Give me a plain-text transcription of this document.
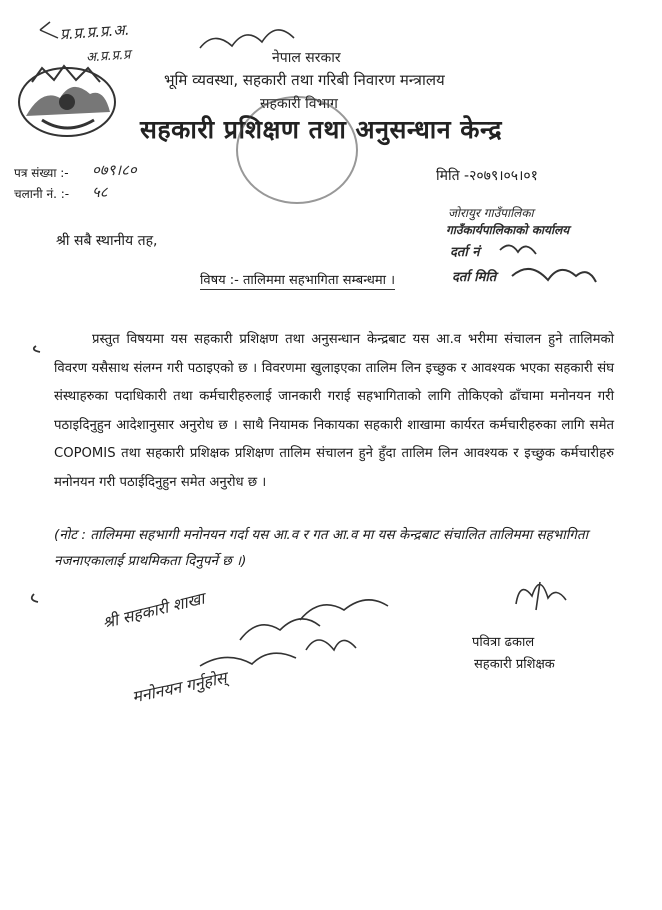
नेपाल सरकार
भूमि व्यवस्था, सहकारी तथा गरिबी निवारण मन्त्रालय
सहकारी विभाग
सहकारी प्रशिक्षण तथा अनुसन्धान केन्द्र
प्र.प्र.प्र.प्र.अ.
अ.प्र.प्र.प्र
पत्र संख्या :- ०७९।८०
चलानी नं. :- ५८
मिति -२०७९।०५।०१
जोरायुर गाउँपालिका
गाउँकार्यपालिकाको कार्यालय
दर्ता नं
दर्ता मिति
श्री सबै स्थानीय तह,
विषय :- तालिममा सहभागिता सम्बन्धमा ।

प्रस्तुत विषयमा यस सहकारी प्रशिक्षण तथा अनुसन्धान केन्द्रबाट यस आ.व भरीमा संचालन हुने तालिमको विवरण यसैसाथ संलग्न गरी पठाइएको छ । विवरणमा खुलाइएका तालिम लिन इच्छुक र आवश्यक भएका सहकारी संघ संस्थाहरुका पदाधिकारी तथा कर्मचारीहरुलाई जानकारी गराई सहभागिताको लागि तोकिएको ढाँचामा मनोनयन गरी पठाइदिनुहुन आदेशानुसार अनुरोध छ । साथै नियामक निकायका सहकारी शाखामा कार्यरत कर्मचारीहरुका लागि समेत COPOMIS तथा सहकारी प्रशिक्षक प्रशिक्षण तालिम संचालन हुने हुँदा तालिम लिन आवश्यक र इच्छुक कर्मचारीहरु मनोनयन गरी पठाईदिनुहुन समेत अनुरोध छ ।

(नोट : तालिममा सहभागी मनोनयन गर्दा यस आ.व र गत आ.व मा यस केन्द्रबाट संचालित तालिममा सहभागिता नजनाएकालाई प्राथमिकता दिनुपर्ने छ ।)
पवित्रा ढकाल
सहकारी प्रशिक्षक
श्री सहकारी शाखा
मनोनयन गर्नुहोस्
